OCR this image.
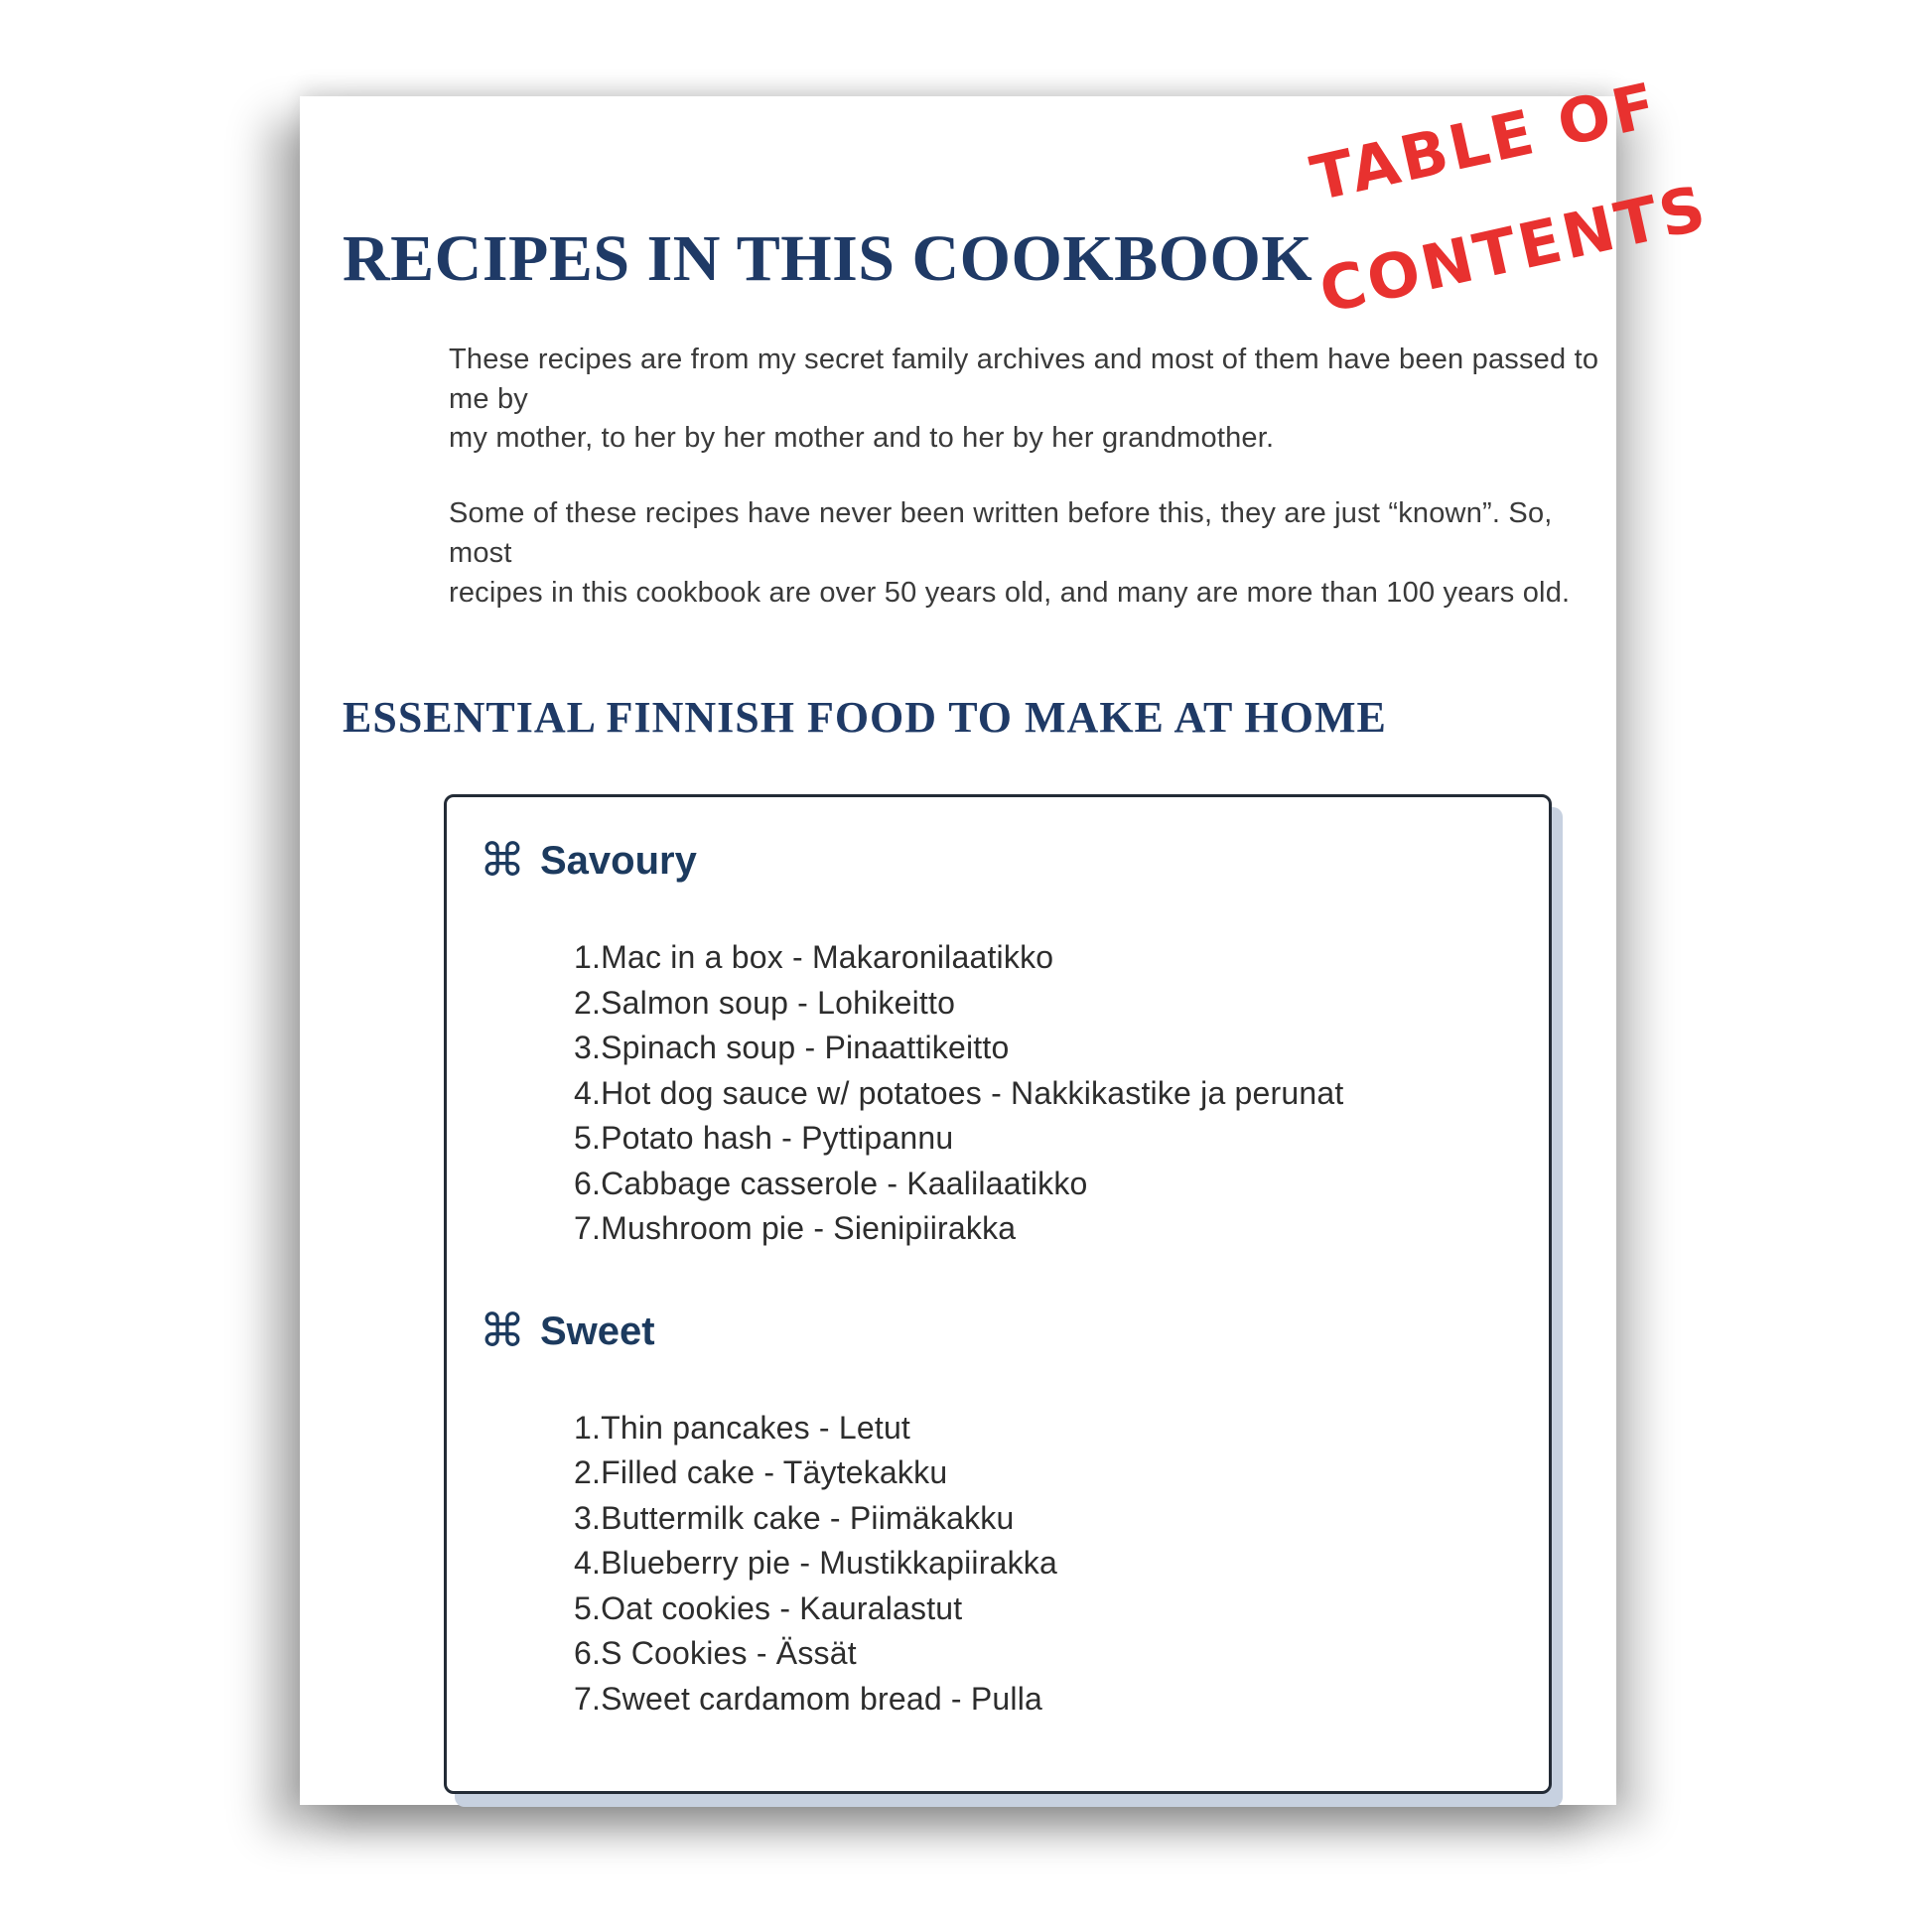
TABLE OF
CONTENTS
RECIPES IN THIS COOKBOOK

These recipes are from my secret family archives and most of them have been passed to me by
my mother, to her by her mother and to her by her grandmother.

Some of these recipes have never been written before this, they are just “known”. So, most
recipes in this cookbook are over 50 years old, and many are more than 100 years old.

ESSENTIAL FINNISH FOOD TO MAKE AT HOME
⌘ Savoury
Mac in a box - Makaronilaatikko
Salmon soup - Lohikeitto
Spinach soup - Pinaattikeitto
Hot dog sauce w/ potatoes - Nakkikastike ja perunat
Potato hash - Pyttipannu
Cabbage casserole - Kaalilaatikko
Mushroom pie - Sienipiirakka
⌘ Sweet
Thin pancakes - Letut
Filled cake - Täytekakku
Buttermilk cake - Piimäkakku
Blueberry pie - Mustikkapiirakka
Oat cookies - Kauralastut
S Cookies - Ässät
Sweet cardamom bread - Pulla
